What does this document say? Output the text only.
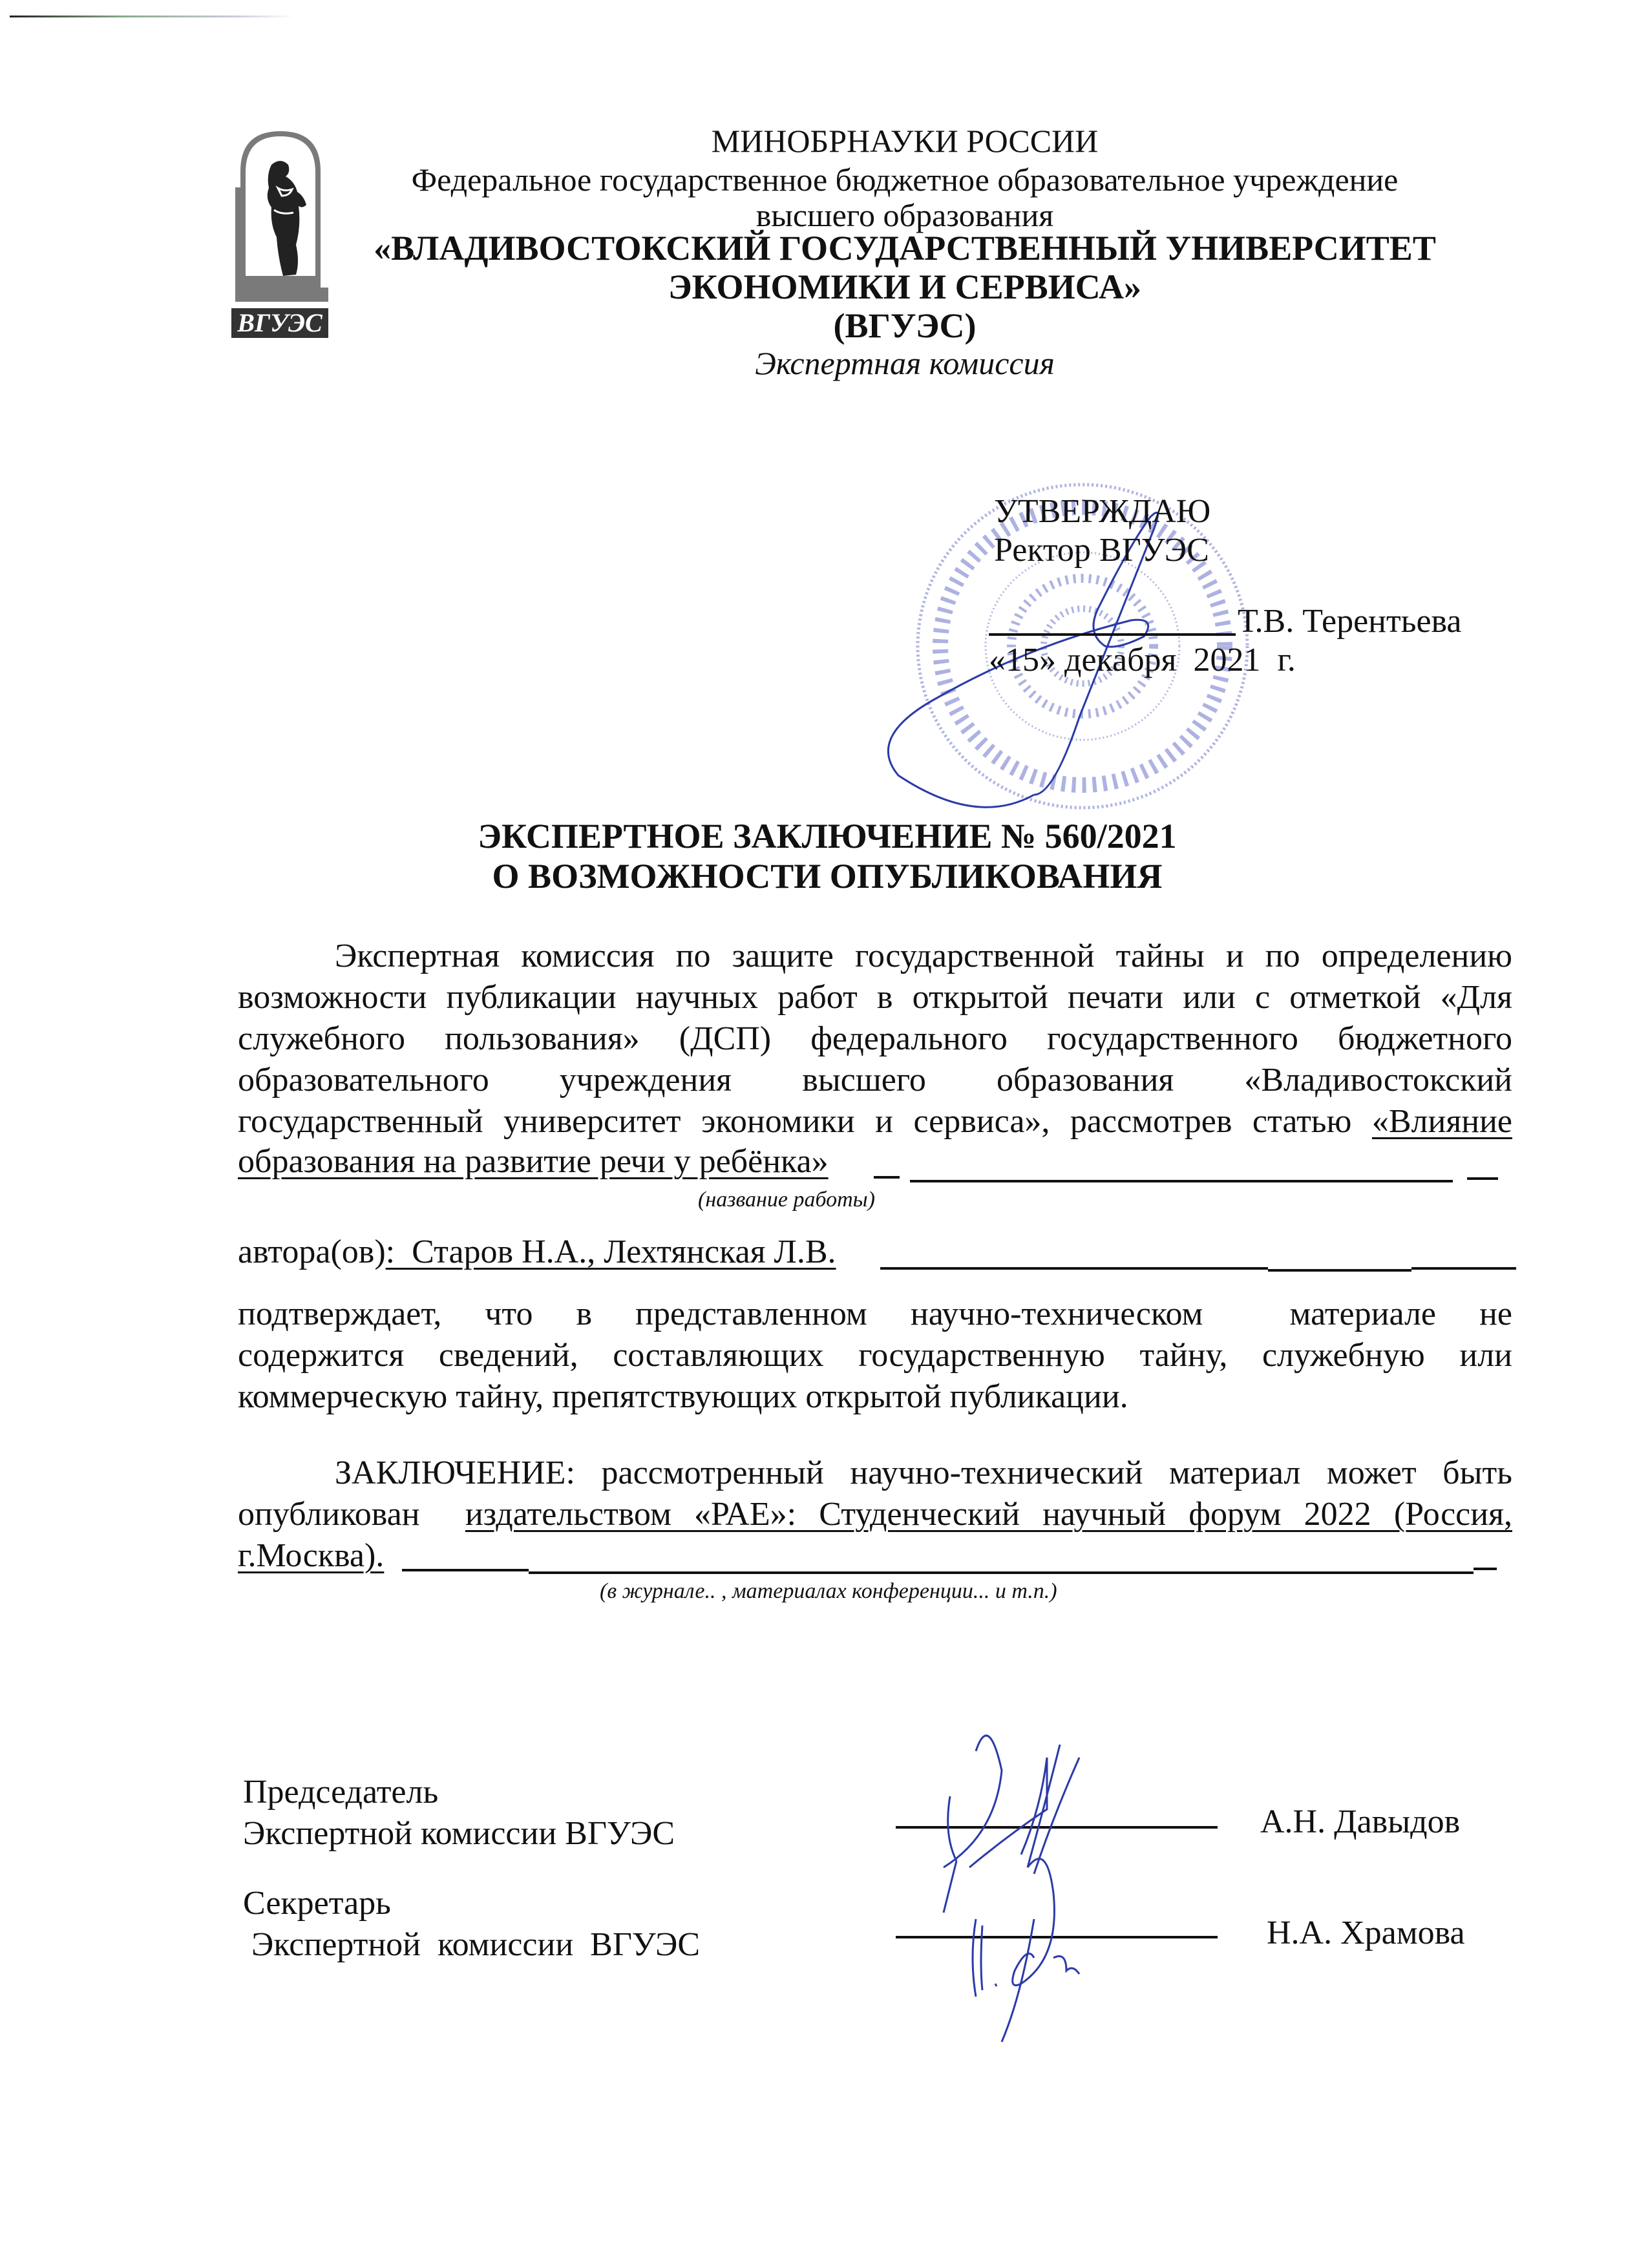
ВГУЭС
МИНОБРНАУКИ РОССИИ
Федеральное государственное бюджетное образовательное учреждение
высшего образования
«ВЛАДИВОСТОКСКИЙ ГОСУДАРСТВЕННЫЙ УНИВЕРСИТЕТ
ЭКОНОМИКИ И СЕРВИСА»
(ВГУЭС)
Экспертная комиссия
УТВЕРЖДАЮ
Ректор ВГУЭС
Т.В. Терентьева
«15» декабря  2021  г.
ЭКСПЕРТНОЕ ЗАКЛЮЧЕНИЕ № 560/2021
О ВОЗМОЖНОСТИ ОПУБЛИКОВАНИЯ
Экспертная комиссия по защите государственной тайны и по определению
возможности публикации научных работ в открытой печати или с отметкой «Для
служебного пользования» (ДСП) федерального государственного бюджетного
образовательного учреждения высшего образования «Владивостокский
государственный университет экономики и сервиса», рассмотрев статью «Влияние
образования на развитие речи у ребёнка»
(название работы)
автора(ов):  Старов Н.А., Лехтянская Л.В.
подтверждает, что в представленном научно-техническом  материале не
содержится сведений, составляющих государственную тайну, служебную или
коммерческую тайну, препятствующих открытой публикации.
ЗАКЛЮЧЕНИЕ: рассмотренный научно-технический материал может быть
опубликован  издательством «РАЕ»: Студенческий научный форум 2022 (Россия,
г.Москва).
(в журнале.. , материалах конференции... и т.п.)
Председатель
Экспертной комиссии ВГУЭС	А.Н. Давыдов
Секретарь
Экспертной  комиссии  ВГУЭС	Н.А. Храмова
